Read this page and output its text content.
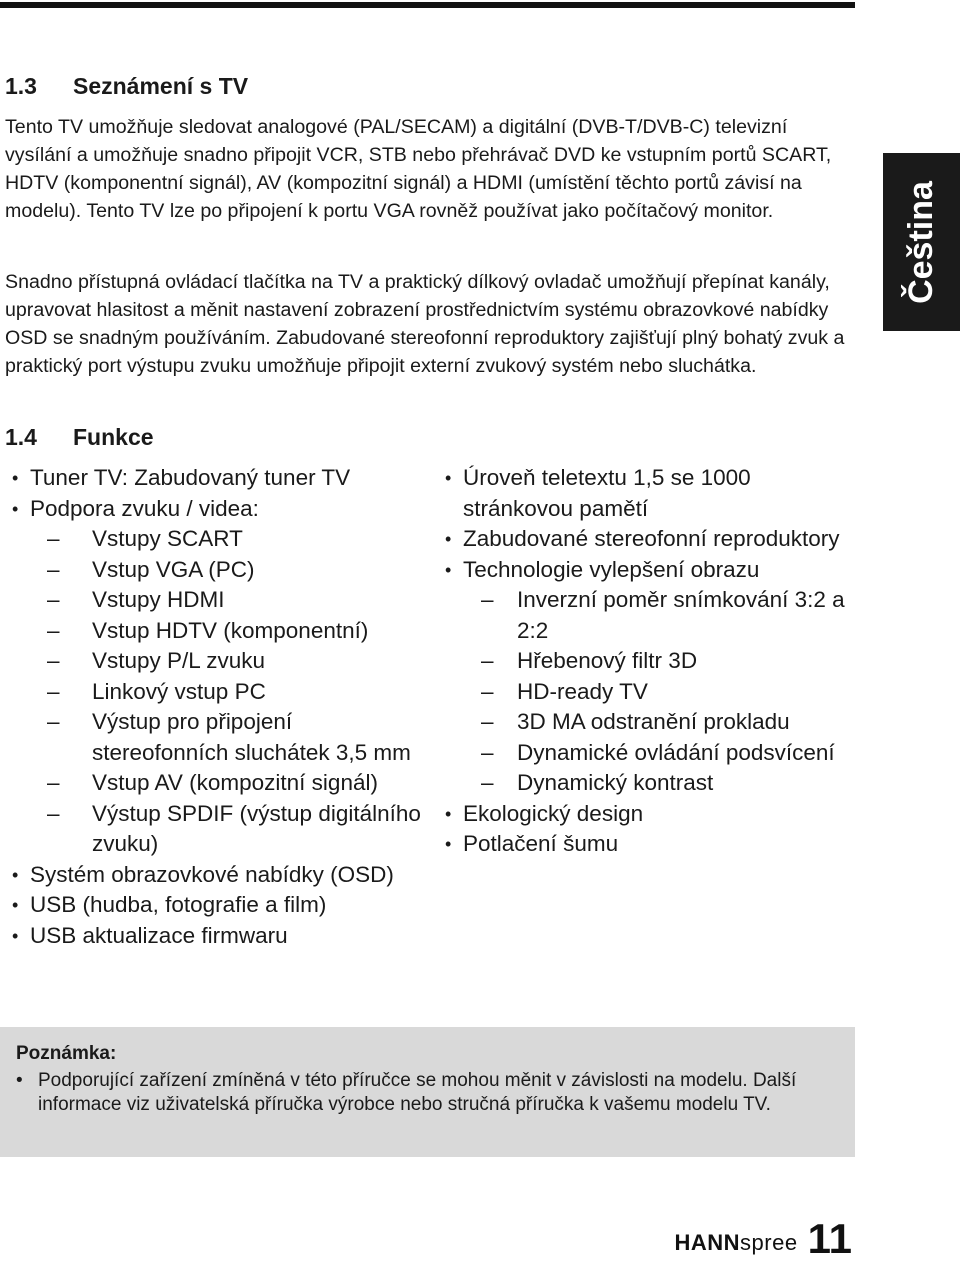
1.3	Seznámení s TV

Tento TV umožňuje sledovat analogové (PAL/SECAM) a digitální (DVB-T/DVB-C) televizní vysílání a umožňuje snadno připojit VCR, STB nebo přehrávač DVD ke vstupním portů SCART, HDTV (komponentní signál), AV (kompozitní signál) a HDMI (umístění těchto portů závisí na modelu). Tento TV lze po připojení k portu VGA rovněž používat jako počítačový monitor.

Snadno přístupná ovládací tlačítka na TV a praktický dílkový ovladač umožňují přepínat kanály, upravovat hlasitost a měnit nastavení zobrazení prostřednictvím systému obrazovkové nabídky OSD se snadným používáním. Zabudované stereofonní reproduktory zajišťují plný bohatý zvuk a praktický port výstupu zvuku umožňuje připojit externí zvukový systém nebo sluchátka.

1.4	Funkce
• Tuner TV: Zabudovaný tuner TV
• Podpora zvuku / videa:
– Vstupy SCART
– Vstup VGA (PC)
– Vstupy HDMI
– Vstup HDTV (komponentní)
– Vstupy P/L zvuku
– Linkový vstup PC
– Výstup pro připojení stereofonních sluchátek 3,5 mm
– Vstup AV (kompozitní signál)
– Výstup SPDIF (výstup digitálního zvuku)
• Systém obrazovkové nabídky (OSD)
• USB (hudba, fotografie a film)
• USB aktualizace firmwaru
• Úroveň teletextu 1,5 se 1000 stránkovou pamětí
• Zabudované stereofonní reproduktory
• Technologie vylepšení obrazu
– Inverzní poměr snímkování 3:2 a 2:2
– Hřebenový filtr 3D
– HD-ready TV
– 3D MA odstranění prokladu
– Dynamické ovládání podsvícení
– Dynamický kontrast
• Ekologický design
• Potlačení šumu
Čeština
Poznámka:
• Podporující zařízení zmíněná v této příručce se mohou měnit v závislosti na modelu. Další informace viz uživatelská příručka výrobce nebo stručná příručka k vašemu modelu TV.
HANNspree 11
